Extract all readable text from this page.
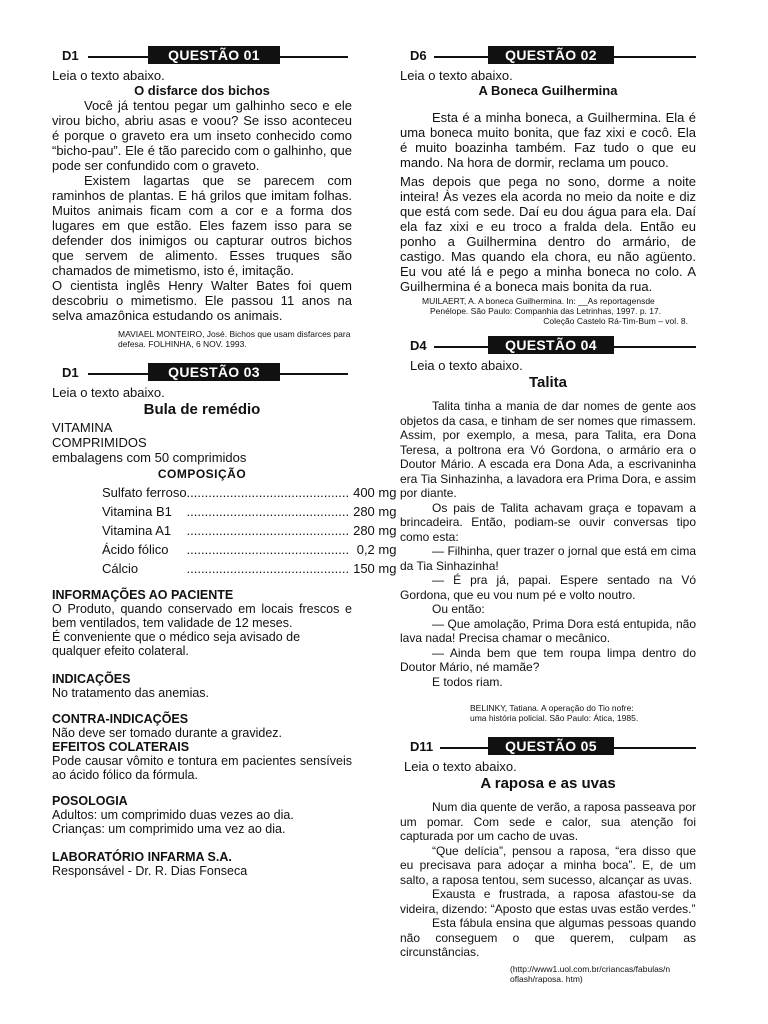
D1	QUESTÃO 01

Leia o texto abaixo.

O disfarce dos bichos

Você já tentou pegar um galhinho seco e ele virou bicho, abriu asas e voou? Se isso aconteceu é porque o graveto era um inseto conhecido como “bicho-pau”. Ele é tão parecido com o galhinho, que pode ser confundido com o graveto.

Existem lagartas que se parecem com raminhos de plantas. E há grilos que imitam folhas. Muitos animais ficam com a cor e a forma dos lugares em que estão. Eles fazem isso para se defender dos inimigos ou capturar outros bichos que servem de alimento. Esses truques são chamados de mimetismo, isto é, imitação.

O cientista inglês Henry Walter Bates foi quem descobriu o mimetismo. Ele passou 11 anos na selva amazônica estudando os animais.

MAVIAEL MONTEIRO, José. Bichos que usam disfarces para defesa. FOLHINHA, 6 NOV. 1993.

D1	QUESTÃO 03

Leia o texto abaixo.

Bula de remédio

VITAMINA

COMPRIMIDOS

embalagens com 50 comprimidos

COMPOSIÇÃO

Sulfato ferroso	.............................................	400 mg
Vitamina B1	.............................................	280 mg
Vitamina A1	.............................................	280 mg
Ácido fólico	.............................................	0,2 mg
Cálcio	.............................................	150 mg

INFORMAÇÕES AO PACIENTE

O Produto, quando conservado em locais frescos e bem ventilados, tem validade de 12 meses.

É conveniente que o médico seja avisado de qualquer efeito colateral.

INDICAÇÕES

No tratamento das anemias.

CONTRA-INDICAÇÕES

Não deve ser tomado durante a gravidez.

EFEITOS COLATERAIS

Pode causar vômito e tontura em pacientes sensíveis ao ácido fólico da fórmula.

POSOLOGIA

Adultos: um comprimido duas vezes ao dia.

Crianças: um comprimido uma vez ao dia.

LABORATÓRIO INFARMA S.A.

Responsável - Dr. R. Dias Fonseca

D6	QUESTÃO 02

Leia o texto abaixo.

A Boneca Guilhermina

Esta é a minha boneca, a Guilhermina. Ela é uma boneca muito bonita, que faz xixi e cocô. Ela é muito boazinha também. Faz tudo o que eu mando. Na hora de dormir, reclama um pouco.

Mas depois que pega no sono, dorme a noite inteira! Às vezes ela acorda no meio da noite e diz que está com sede. Daí eu dou água para ela. Daí ela faz xixi e eu troco a fralda dela. Então eu ponho a Guilhermina dentro do armário, de castigo. Mas quando ela chora, eu não agüento. Eu vou até lá e pego a minha boneca no colo. A Guilhermina é a boneca mais bonita da rua.

MUILAERT, A. A boneca Guilhermina. In: __As reportagensde

Penélope. São Paulo: Companhia das Letrinhas, 1997. p. 17.

Coleção Castelo Rá-Tim-Bum – vol. 8.

D4	QUESTÃO 04

Leia o texto abaixo.

Talita

Talita tinha a mania de dar nomes de gente aos objetos da casa, e tinham de ser nomes que rimassem. Assim, por exemplo, a mesa, para Talita, era Dona Teresa, a poltrona era Vó Gordona, o armário era o Doutor Mário. A escada era Dona Ada, a escrivaninha era Tia Sinhazinha, a lavadora era Prima Dora, e assim por diante.

Os pais de Talita achavam graça e topavam a brincadeira. Então, podiam-se ouvir conversas tipo como esta:

— Filhinha, quer trazer o jornal que está em cima da Tia Sinhazinha!

— É pra já, papai. Espere sentado na Vó Gordona, que eu vou num pé e volto noutro.

Ou então:

— Que amolação, Prima Dora está entupida, não lava nada! Precisa chamar o mecânico.

— Ainda bem que tem roupa limpa dentro do Doutor Mário, né mamãe?

E todos riam.

BELINKY, Tatiana. A operação do Tio nofre:

uma história policial. São Paulo: Ática, 1985.

D11	QUESTÃO 05

Leia o texto abaixo.

A raposa e as uvas

Num dia quente de verão, a raposa passeava por um pomar. Com sede e calor, sua atenção foi capturada por um cacho de uvas.

“Que delícia”, pensou a raposa, “era disso que eu precisava para adoçar a minha boca”. E, de um salto, a raposa tentou, sem sucesso, alcançar as uvas.

Exausta e frustrada, a raposa afastou-se da videira, dizendo: “Aposto que estas uvas estão verdes.”

Esta fábula ensina que algumas pessoas quando não conseguem o que querem, culpam as circunstâncias.

(http://www1.uol.com.br/criancas/fabulas/n

oflash/raposa. htm)
